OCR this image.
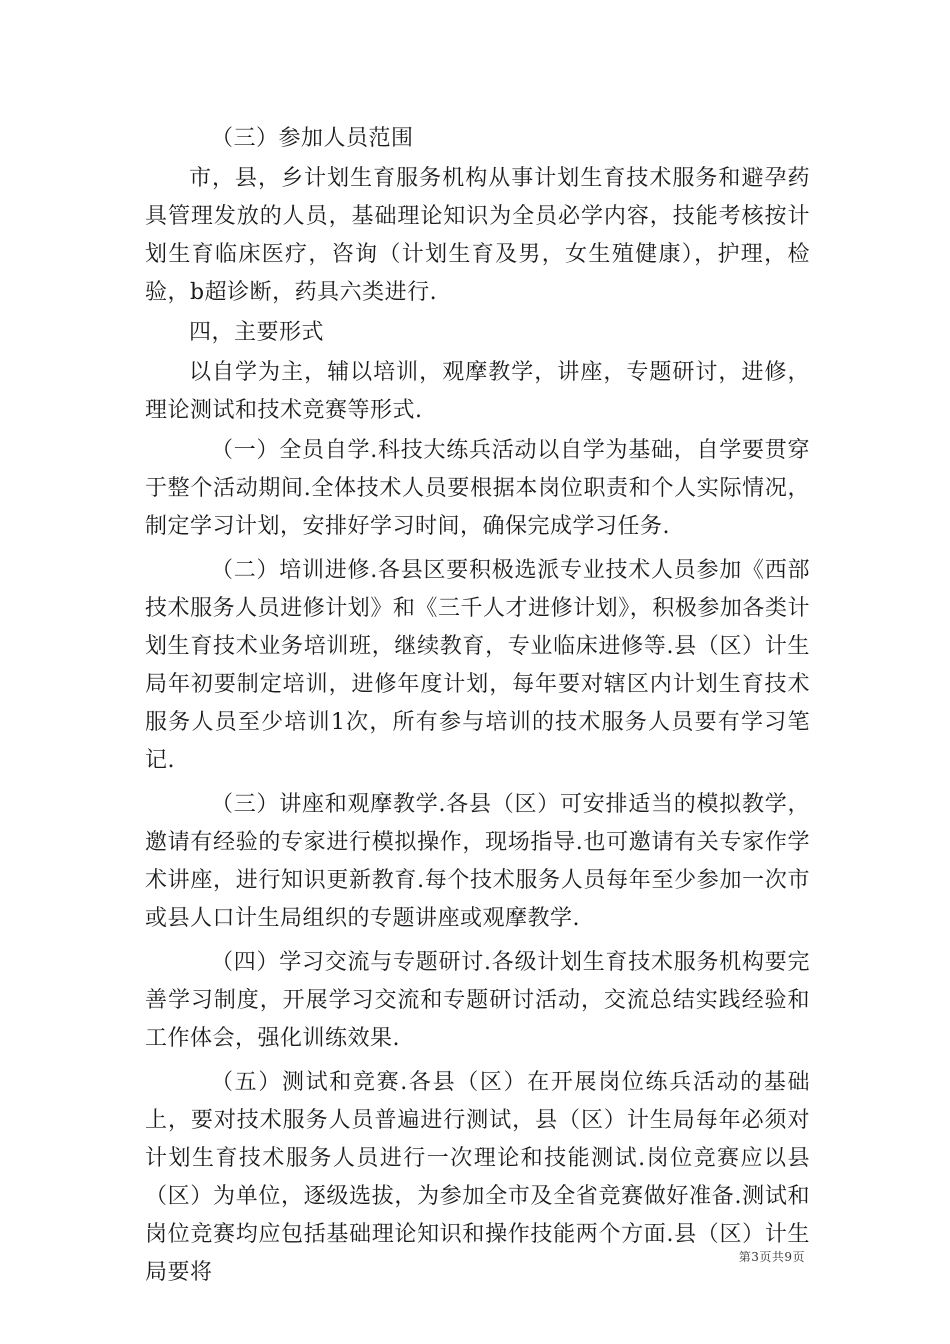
（三）参加人员范围

市，县，乡计划生育服务机构从事计划生育技术服务和避孕药具管理发放的人员，基础理论知识为全员必学内容，技能考核按计划生育临床医疗，咨询（计划生育及男，女生殖健康），护理，检验，b超诊断，药具六类进行.

四，主要形式

以自学为主，辅以培训，观摩教学，讲座，专题研讨，进修，理论测试和技术竞赛等形式.

（一）全员自学.科技大练兵活动以自学为基础，自学要贯穿于整个活动期间.全体技术人员要根据本岗位职责和个人实际情况，制定学习计划，安排好学习时间，确保完成学习任务.

（二）培训进修.各县区要积极选派专业技术人员参加《西部技术服务人员进修计划》和《三千人才进修计划》，积极参加各类计划生育技术业务培训班，继续教育，专业临床进修等.县（区）计生局年初要制定培训，进修年度计划，每年要对辖区内计划生育技术服务人员至少培训1次，所有参与培训的技术服务人员要有学习笔记.

（三）讲座和观摩教学.各县（区）可安排适当的模拟教学，邀请有经验的专家进行模拟操作，现场指导.也可邀请有关专家作学术讲座，进行知识更新教育.每个技术服务人员每年至少参加一次市或县人口计生局组织的专题讲座或观摩教学.

（四）学习交流与专题研讨.各级计划生育技术服务机构要完善学习制度，开展学习交流和专题研讨活动，交流总结实践经验和工作体会，强化训练效果.

（五）测试和竞赛.各县（区）在开展岗位练兵活动的基础上，要对技术服务人员普遍进行测试，县（区）计生局每年必须对计划生育技术服务人员进行一次理论和技能测试.岗位竞赛应以县（区）为单位，逐级选拔，为参加全市及全省竞赛做好准备.测试和岗位竞赛均应包括基础理论知识和操作技能两个方面.县（区）计生局要将

第3页共9页
